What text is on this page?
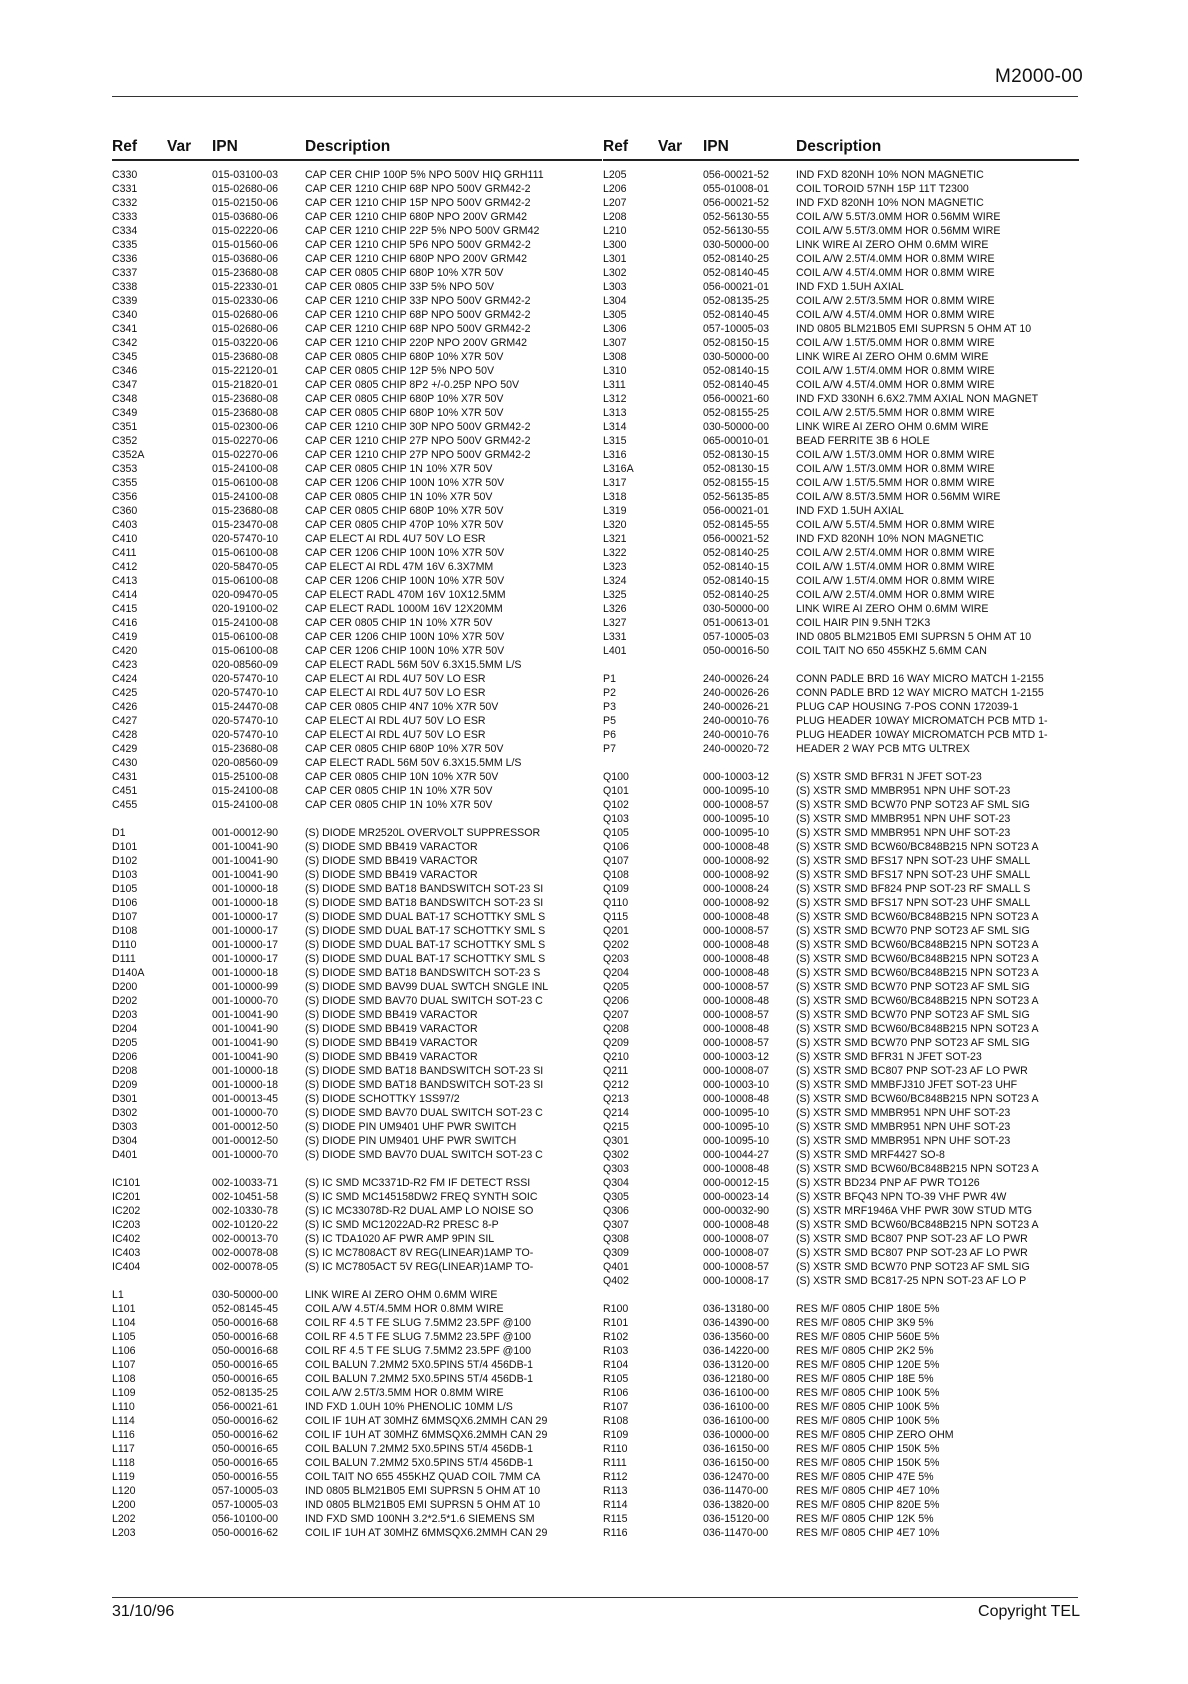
M2000-00
Ref Var IPN	Description
C330	015-03100-03	CAP CER CHIP 100P 5% NPO 500V HIQ GRH111
C331	015-02680-06	CAP CER 1210 CHIP 68P NPO 500V GRM42-2
C332	015-02150-06	CAP CER 1210 CHIP 15P NPO 500V GRM42-2
C333	015-03680-06	CAP CER 1210 CHIP 680P NPO 200V GRM42
C334	015-02220-06	CAP CER 1210 CHIP 22P 5% NPO 500V GRM42
C335	015-01560-06	CAP CER 1210 CHIP 5P6 NPO 500V GRM42-2
C336	015-03680-06	CAP CER 1210 CHIP 680P NPO 200V GRM42
C337	015-23680-08	CAP CER 0805 CHIP 680P 10% X7R 50V
C338	015-22330-01	CAP CER 0805 CHIP 33P 5% NPO 50V
C339	015-02330-06	CAP CER 1210 CHIP 33P NPO 500V GRM42-2
C340	015-02680-06	CAP CER 1210 CHIP 68P NPO 500V GRM42-2
C341	015-02680-06	CAP CER 1210 CHIP 68P NPO 500V GRM42-2
C342	015-03220-06	CAP CER 1210 CHIP 220P NPO 200V GRM42
C345	015-23680-08	CAP CER 0805 CHIP 680P 10% X7R 50V
C346	015-22120-01	CAP CER 0805 CHIP 12P 5% NPO 50V
C347	015-21820-01	CAP CER 0805 CHIP 8P2 +/-0.25P NPO 50V
C348	015-23680-08	CAP CER 0805 CHIP 680P 10% X7R 50V
C349	015-23680-08	CAP CER 0805 CHIP 680P 10% X7R 50V
C351	015-02300-06	CAP CER 1210 CHIP 30P NPO 500V GRM42-2
C352	015-02270-06	CAP CER 1210 CHIP 27P NPO 500V GRM42-2
C352A	015-02270-06	CAP CER 1210 CHIP 27P NPO 500V GRM42-2
C353	015-24100-08	CAP CER 0805 CHIP 1N 10% X7R 50V
C355	015-06100-08	CAP CER 1206 CHIP 100N 10% X7R 50V
C356	015-24100-08	CAP CER 0805 CHIP 1N 10% X7R 50V
C360	015-23680-08	CAP CER 0805 CHIP 680P 10% X7R 50V
C403	015-23470-08	CAP CER 0805 CHIP 470P 10% X7R 50V
C410	020-57470-10	CAP ELECT AI RDL 4U7 50V LO ESR
C411	015-06100-08	CAP CER 1206 CHIP 100N 10% X7R 50V
C412	020-58470-05	CAP ELECT AI RDL 47M 16V 6.3X7MM
C413	015-06100-08	CAP CER 1206 CHIP 100N 10% X7R 50V
C414	020-09470-05	CAP ELECT RADL 470M 16V 10X12.5MM
C415	020-19100-02	CAP ELECT RADL 1000M 16V 12X20MM
C416	015-24100-08	CAP CER 0805 CHIP 1N 10% X7R 50V
C419	015-06100-08	CAP CER 1206 CHIP 100N 10% X7R 50V
C420	015-06100-08	CAP CER 1206 CHIP 100N 10% X7R 50V
C423	020-08560-09	CAP ELECT RADL 56M 50V 6.3X15.5MM L/S
C424	020-57470-10	CAP ELECT AI RDL 4U7 50V LO ESR
C425	020-57470-10	CAP ELECT AI RDL 4U7 50V LO ESR
C426	015-24470-08	CAP CER 0805 CHIP 4N7 10% X7R 50V
C427	020-57470-10	CAP ELECT AI RDL 4U7 50V LO ESR
C428	020-57470-10	CAP ELECT AI RDL 4U7 50V LO ESR
C429	015-23680-08	CAP CER 0805 CHIP 680P 10% X7R 50V
C430	020-08560-09	CAP ELECT RADL 56M 50V 6.3X15.5MM L/S
C431	015-25100-08	CAP CER 0805 CHIP 10N 10% X7R 50V
C451	015-24100-08	CAP CER 0805 CHIP 1N 10% X7R 50V
C455	015-24100-08	CAP CER 0805 CHIP 1N 10% X7R 50V
D1	001-00012-90	(S) DIODE MR2520L OVERVOLT SUPPRESSOR
D101	001-10041-90	(S) DIODE SMD BB419 VARACTOR
D102	001-10041-90	(S) DIODE SMD BB419 VARACTOR
D103	001-10041-90	(S) DIODE SMD BB419 VARACTOR
D105	001-10000-18	(S) DIODE SMD BAT18 BANDSWITCH SOT-23 SI
D106	001-10000-18	(S) DIODE SMD BAT18 BANDSWITCH SOT-23 SI
D107	001-10000-17	(S) DIODE SMD DUAL BAT-17 SCHOTTKY SML S
D108	001-10000-17	(S) DIODE SMD DUAL BAT-17 SCHOTTKY SML S
D110	001-10000-17	(S) DIODE SMD DUAL BAT-17 SCHOTTKY SML S
D111	001-10000-17	(S) DIODE SMD DUAL BAT-17 SCHOTTKY SML S
D140A	001-10000-18	(S) DIODE SMD BAT18 BANDSWITCH SOT-23 S
D200	001-10000-99	(S) DIODE SMD BAV99 DUAL SWTCH SNGLE INL
D202	001-10000-70	(S) DIODE SMD BAV70 DUAL SWITCH SOT-23 C
D203	001-10041-90	(S) DIODE SMD BB419 VARACTOR
D204	001-10041-90	(S) DIODE SMD BB419 VARACTOR
D205	001-10041-90	(S) DIODE SMD BB419 VARACTOR
D206	001-10041-90	(S) DIODE SMD BB419 VARACTOR
D208	001-10000-18	(S) DIODE SMD BAT18 BANDSWITCH SOT-23 SI
D209	001-10000-18	(S) DIODE SMD BAT18 BANDSWITCH SOT-23 SI
D301	001-00013-45	(S) DIODE SCHOTTKY 1SS97/2
D302	001-10000-70	(S) DIODE SMD BAV70 DUAL SWITCH SOT-23 C
D303	001-00012-50	(S) DIODE PIN UM9401 UHF PWR SWITCH
D304	001-00012-50	(S) DIODE PIN UM9401 UHF PWR SWITCH
D401	001-10000-70	(S) DIODE SMD BAV70 DUAL SWITCH SOT-23 C
IC101	002-10033-71	(S) IC SMD MC3371D-R2 FM IF DETECT RSSI
IC201	002-10451-58	(S) IC SMD MC145158DW2 FREQ SYNTH SOIC
IC202	002-10330-78	(S) IC MC33078D-R2 DUAL AMP LO NOISE SO
IC203	002-10120-22	(S) IC SMD MC12022AD-R2 PRESC 8-P
IC402	002-00013-70	(S) IC TDA1020 AF PWR AMP 9PIN SIL
IC403	002-00078-08	(S) IC MC7808ACT 8V REG(LINEAR)1AMP TO-
IC404	002-00078-05	(S) IC MC7805ACT 5V REG(LINEAR)1AMP TO-
L1	030-50000-00	LINK WIRE AI ZERO OHM 0.6MM WIRE
L101	052-08145-45	COIL A/W 4.5T/4.5MM HOR 0.8MM WIRE
L104	050-00016-68	COIL RF 4.5 T FE SLUG 7.5MM2 23.5PF @100
L105	050-00016-68	COIL RF 4.5 T FE SLUG 7.5MM2 23.5PF @100
L106	050-00016-68	COIL RF 4.5 T FE SLUG 7.5MM2 23.5PF @100
L107	050-00016-65	COIL BALUN 7.2MM2 5X0.5PINS 5T/4 456DB-1
L108	050-00016-65	COIL BALUN 7.2MM2 5X0.5PINS 5T/4 456DB-1
L109	052-08135-25	COIL A/W 2.5T/3.5MM HOR 0.8MM WIRE
L110	056-00021-61	IND FXD 1.0UH 10% PHENOLIC 10MM L/S
L114	050-00016-62	COIL IF 1UH AT 30MHZ 6MMSQX6.2MMH CAN 29
L116	050-00016-62	COIL IF 1UH AT 30MHZ 6MMSQX6.2MMH CAN 29
L117	050-00016-65	COIL BALUN 7.2MM2 5X0.5PINS 5T/4 456DB-1
L118	050-00016-65	COIL BALUN 7.2MM2 5X0.5PINS 5T/4 456DB-1
L119	050-00016-55	COIL TAIT NO 655 455KHZ QUAD COIL 7MM CA
L120	057-10005-03	IND 0805 BLM21B05 EMI SUPRSN 5 OHM AT 10
L200	057-10005-03	IND 0805 BLM21B05 EMI SUPRSN 5 OHM AT 10
L202	056-10100-00	IND FXD SMD 100NH 3.2*2.5*1.6 SIEMENS SM
L203	050-00016-62	COIL IF 1UH AT 30MHZ 6MMSQX6.2MMH CAN 29
Ref Var IPN	Description
L205	056-00021-52	IND FXD 820NH 10% NON MAGNETIC
L206	055-01008-01	COIL TOROID 57NH 15P 11T T2300
L207	056-00021-52	IND FXD 820NH 10% NON MAGNETIC
L208	052-56130-55	COIL A/W 5.5T/3.0MM HOR 0.56MM WIRE
L210	052-56130-55	COIL A/W 5.5T/3.0MM HOR 0.56MM WIRE
L300	030-50000-00	LINK WIRE AI ZERO OHM 0.6MM WIRE
L301	052-08140-25	COIL A/W 2.5T/4.0MM HOR 0.8MM WIRE
L302	052-08140-45	COIL A/W 4.5T/4.0MM HOR 0.8MM WIRE
L303	056-00021-01	IND FXD 1.5UH AXIAL
L304	052-08135-25	COIL A/W 2.5T/3.5MM HOR 0.8MM WIRE
L305	052-08140-45	COIL A/W 4.5T/4.0MM HOR 0.8MM WIRE
L306	057-10005-03	IND 0805 BLM21B05 EMI SUPRSN 5 OHM AT 10
L307	052-08150-15	COIL A/W 1.5T/5.0MM HOR 0.8MM WIRE
L308	030-50000-00	LINK WIRE AI ZERO OHM 0.6MM WIRE
L310	052-08140-15	COIL A/W 1.5T/4.0MM HOR 0.8MM WIRE
L311	052-08140-45	COIL A/W 4.5T/4.0MM HOR 0.8MM WIRE
L312	056-00021-60	IND FXD 330NH 6.6X2.7MM AXIAL NON MAGNET
L313	052-08155-25	COIL A/W 2.5T/5.5MM HOR 0.8MM WIRE
L314	030-50000-00	LINK WIRE AI ZERO OHM 0.6MM WIRE
L315	065-00010-01	BEAD FERRITE 3B 6 HOLE
L316	052-08130-15	COIL A/W 1.5T/3.0MM HOR 0.8MM WIRE
L316A	052-08130-15	COIL A/W 1.5T/3.0MM HOR 0.8MM WIRE
L317	052-08155-15	COIL A/W 1.5T/5.5MM HOR 0.8MM WIRE
L318	052-56135-85	COIL A/W 8.5T/3.5MM HOR 0.56MM WIRE
L319	056-00021-01	IND FXD 1.5UH AXIAL
L320	052-08145-55	COIL A/W 5.5T/4.5MM HOR 0.8MM WIRE
L321	056-00021-52	IND FXD 820NH 10% NON MAGNETIC
L322	052-08140-25	COIL A/W 2.5T/4.0MM HOR 0.8MM WIRE
L323	052-08140-15	COIL A/W 1.5T/4.0MM HOR 0.8MM WIRE
L324	052-08140-15	COIL A/W 1.5T/4.0MM HOR 0.8MM WIRE
L325	052-08140-25	COIL A/W 2.5T/4.0MM HOR 0.8MM WIRE
L326	030-50000-00	LINK WIRE AI ZERO OHM 0.6MM WIRE
L327	051-00613-01	COIL HAIR PIN 9.5NH T2K3
L331	057-10005-03	IND 0805 BLM21B05 EMI SUPRSN 5 OHM AT 10
L401	050-00016-50	COIL TAIT NO 650 455KHZ 5.6MM CAN
P1	240-00026-24	CONN PADLE BRD 16 WAY MICRO MATCH 1-2155
P2	240-00026-26	CONN PADLE BRD 12 WAY MICRO MATCH 1-2155
P3	240-00026-21	PLUG CAP HOUSING 7-POS CONN 172039-1
P5	240-00010-76	PLUG HEADER 10WAY MICROMATCH PCB MTD 1-
P6	240-00010-76	PLUG HEADER 10WAY MICROMATCH PCB MTD 1-
P7	240-00020-72	HEADER 2 WAY PCB MTG ULTREX
Q100	000-10003-12	(S) XSTR SMD BFR31 N JFET SOT-23
Q101	000-10095-10	(S) XSTR SMD MMBR951 NPN UHF SOT-23
Q102	000-10008-57	(S) XSTR SMD BCW70 PNP SOT23 AF SML SIG
Q103	000-10095-10	(S) XSTR SMD MMBR951 NPN UHF SOT-23
Q105	000-10095-10	(S) XSTR SMD MMBR951 NPN UHF SOT-23
Q106	000-10008-48	(S) XSTR SMD BCW60/BC848B215 NPN SOT23 A
Q107	000-10008-92	(S) XSTR SMD BFS17 NPN SOT-23 UHF SMALL
Q108	000-10008-92	(S) XSTR SMD BFS17 NPN SOT-23 UHF SMALL
Q109	000-10008-24	(S) XSTR SMD BF824 PNP SOT-23 RF SMALL S
Q110	000-10008-92	(S) XSTR SMD BFS17 NPN SOT-23 UHF SMALL
Q115	000-10008-48	(S) XSTR SMD BCW60/BC848B215 NPN SOT23 A
Q201	000-10008-57	(S) XSTR SMD BCW70 PNP SOT23 AF SML SIG
Q202	000-10008-48	(S) XSTR SMD BCW60/BC848B215 NPN SOT23 A
Q203	000-10008-48	(S) XSTR SMD BCW60/BC848B215 NPN SOT23 A
Q204	000-10008-48	(S) XSTR SMD BCW60/BC848B215 NPN SOT23 A
Q205	000-10008-57	(S) XSTR SMD BCW70 PNP SOT23 AF SML SIG
Q206	000-10008-48	(S) XSTR SMD BCW60/BC848B215 NPN SOT23 A
Q207	000-10008-57	(S) XSTR SMD BCW70 PNP SOT23 AF SML SIG
Q208	000-10008-48	(S) XSTR SMD BCW60/BC848B215 NPN SOT23 A
Q209	000-10008-57	(S) XSTR SMD BCW70 PNP SOT23 AF SML SIG
Q210	000-10003-12	(S) XSTR SMD BFR31 N JFET SOT-23
Q211	000-10008-07	(S) XSTR SMD BC807 PNP SOT-23 AF LO PWR
Q212	000-10003-10	(S) XSTR SMD MMBFJ310 JFET SOT-23 UHF
Q213	000-10008-48	(S) XSTR SMD BCW60/BC848B215 NPN SOT23 A
Q214	000-10095-10	(S) XSTR SMD MMBR951 NPN UHF SOT-23
Q215	000-10095-10	(S) XSTR SMD MMBR951 NPN UHF SOT-23
Q301	000-10095-10	(S) XSTR SMD MMBR951 NPN UHF SOT-23
Q302	000-10044-27	(S) XSTR SMD MRF4427 SO-8
Q303	000-10008-48	(S) XSTR SMD BCW60/BC848B215 NPN SOT23 A
Q304	000-00012-15	(S) XSTR BD234 PNP AF PWR TO126
Q305	000-00023-14	(S) XSTR BFQ43 NPN TO-39 VHF PWR 4W
Q306	000-00032-90	(S) XSTR MRF1946A VHF PWR 30W STUD MTG
Q307	000-10008-48	(S) XSTR SMD BCW60/BC848B215 NPN SOT23 A
Q308	000-10008-07	(S) XSTR SMD BC807 PNP SOT-23 AF LO PWR
Q309	000-10008-07	(S) XSTR SMD BC807 PNP SOT-23 AF LO PWR
Q401	000-10008-57	(S) XSTR SMD BCW70 PNP SOT23 AF SML SIG
Q402	000-10008-17	(S) XSTR SMD BC817-25 NPN SOT-23 AF LO P
R100	036-13180-00	RES M/F 0805 CHIP 180E 5%
R101	036-14390-00	RES M/F 0805 CHIP 3K9 5%
R102	036-13560-00	RES M/F 0805 CHIP 560E 5%
R103	036-14220-00	RES M/F 0805 CHIP 2K2 5%
R104	036-13120-00	RES M/F 0805 CHIP 120E 5%
R105	036-12180-00	RES M/F 0805 CHIP 18E 5%
R106	036-16100-00	RES M/F 0805 CHIP 100K 5%
R107	036-16100-00	RES M/F 0805 CHIP 100K 5%
R108	036-16100-00	RES M/F 0805 CHIP 100K 5%
R109	036-10000-00	RES M/F 0805 CHIP ZERO OHM
R110	036-16150-00	RES M/F 0805 CHIP 150K 5%
R111	036-16150-00	RES M/F 0805 CHIP 150K 5%
R112	036-12470-00	RES M/F 0805 CHIP 47E 5%
R113	036-11470-00	RES M/F 0805 CHIP 4E7 10%
R114	036-13820-00	RES M/F 0805 CHIP 820E 5%
R115	036-15120-00	RES M/F 0805 CHIP 12K 5%
R116	036-11470-00	RES M/F 0805 CHIP 4E7 10%
31/10/96	Copyright TEL
